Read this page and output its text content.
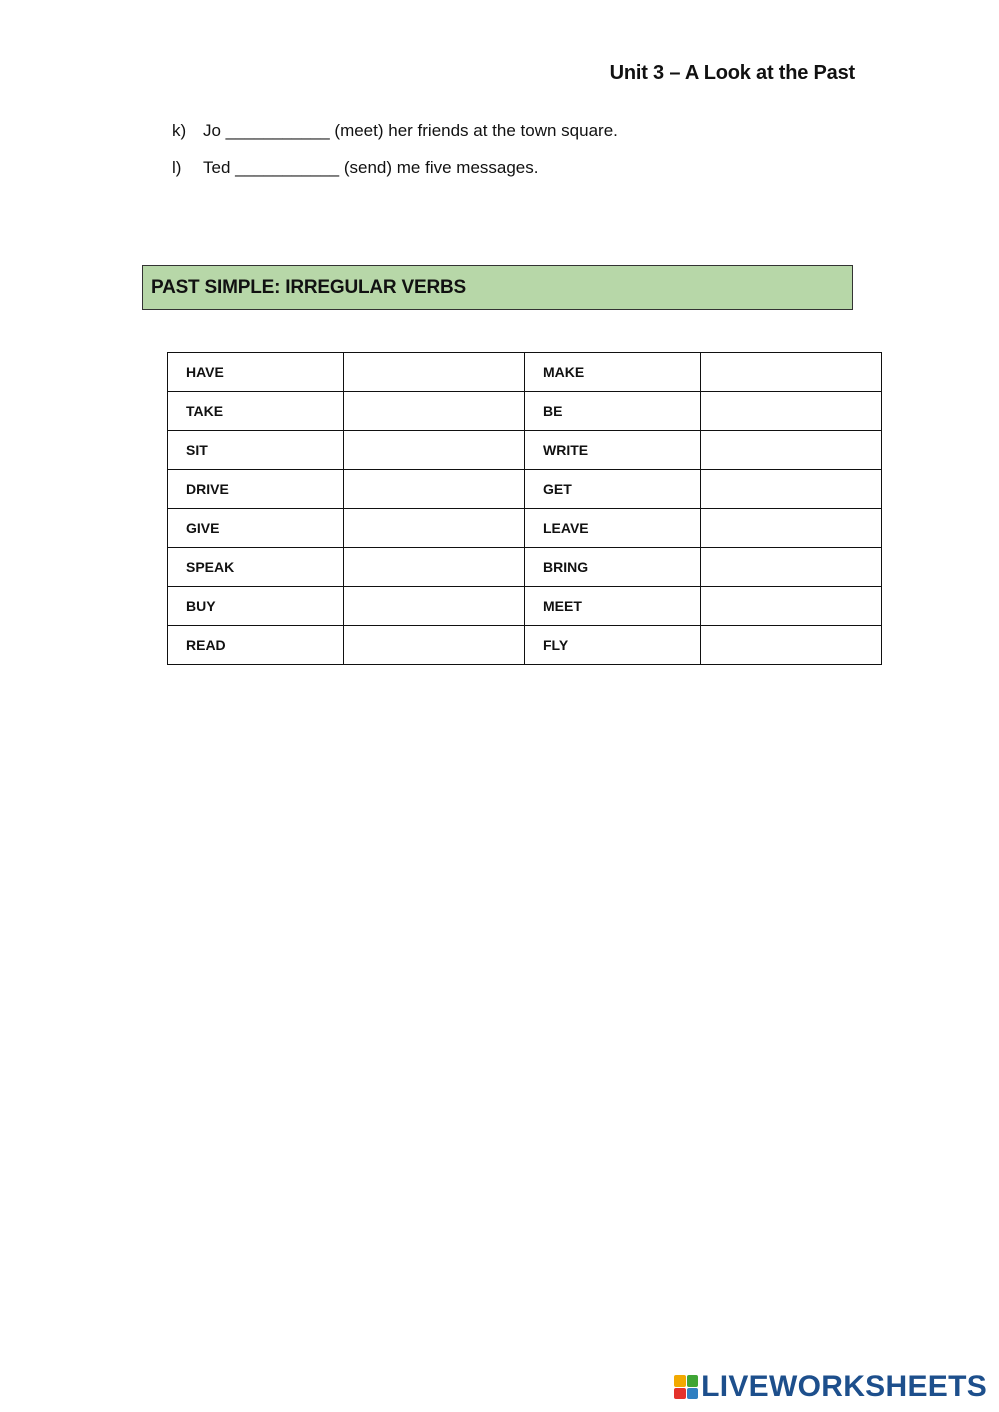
Unit 3 – A Look at the Past
k) Jo ___________ (meet) her friends at the town square.
l)	Ted ___________ (send) me five messages.
PAST SIMPLE: IRREGULAR VERBS
HAVE		MAKE	
TAKE		BE	
SIT		WRITE	
DRIVE		GET	
GIVE		LEAVE	
SPEAK		BRING	
BUY		MEET	
READ		FLY	
LIVEWORKSHEETS
